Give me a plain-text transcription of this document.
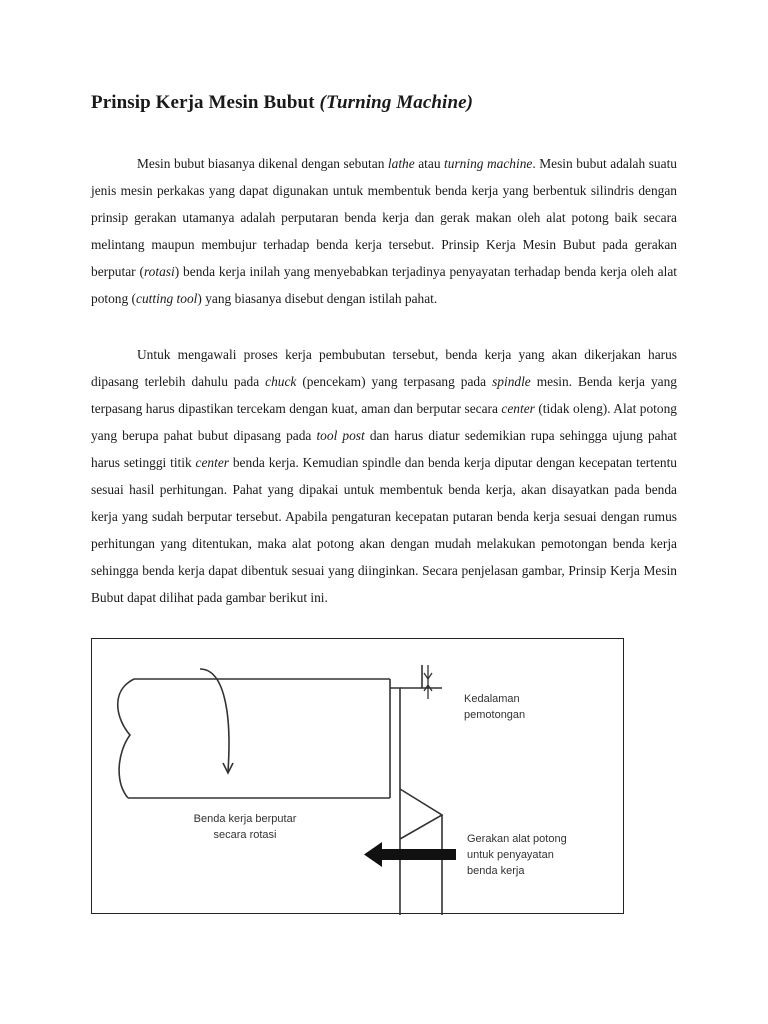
Prinsip Kerja Mesin Bubut (Turning Machine)

Mesin bubut biasanya dikenal dengan sebutan lathe atau turning machine. Mesin bubut adalah suatu jenis mesin perkakas yang dapat digunakan untuk membentuk benda kerja yang berbentuk silindris dengan prinsip gerakan utamanya adalah perputaran benda kerja dan gerak makan oleh alat potong baik secara melintang maupun membujur terhadap benda kerja tersebut. Prinsip Kerja Mesin Bubut pada gerakan berputar (rotasi) benda kerja inilah yang menyebabkan terjadinya penyayatan terhadap benda kerja oleh alat potong (cutting tool) yang biasanya disebut dengan istilah pahat.

Untuk mengawali proses kerja pembubutan tersebut, benda kerja yang akan dikerjakan harus dipasang terlebih dahulu pada chuck (pencekam) yang terpasang pada spindle mesin. Benda kerja yang terpasang harus dipastikan tercekam dengan kuat, aman dan berputar secara center (tidak oleng). Alat potong yang berupa pahat bubut dipasang pada tool post dan harus diatur sedemikian rupa sehingga ujung pahat harus setinggi titik center benda kerja. Kemudian spindle dan benda kerja diputar dengan kecepatan tertentu sesuai hasil perhitungan. Pahat yang dipakai untuk membentuk benda kerja, akan disayatkan pada benda kerja yang sudah berputar tersebut. Apabila pengaturan kecepatan putaran benda kerja sesuai dengan rumus perhitungan yang ditentukan, maka alat potong akan dengan mudah melakukan pemotongan benda kerja sehingga benda kerja dapat dibentuk sesuai yang diinginkan. Secara penjelasan gambar, Prinsip Kerja Mesin Bubut dapat dilihat pada gambar berikut ini.

Kedalaman
pemotongan
Benda kerja berputar
secara rotasi	Gerakan alat potong
untuk penyayatan
benda kerja
